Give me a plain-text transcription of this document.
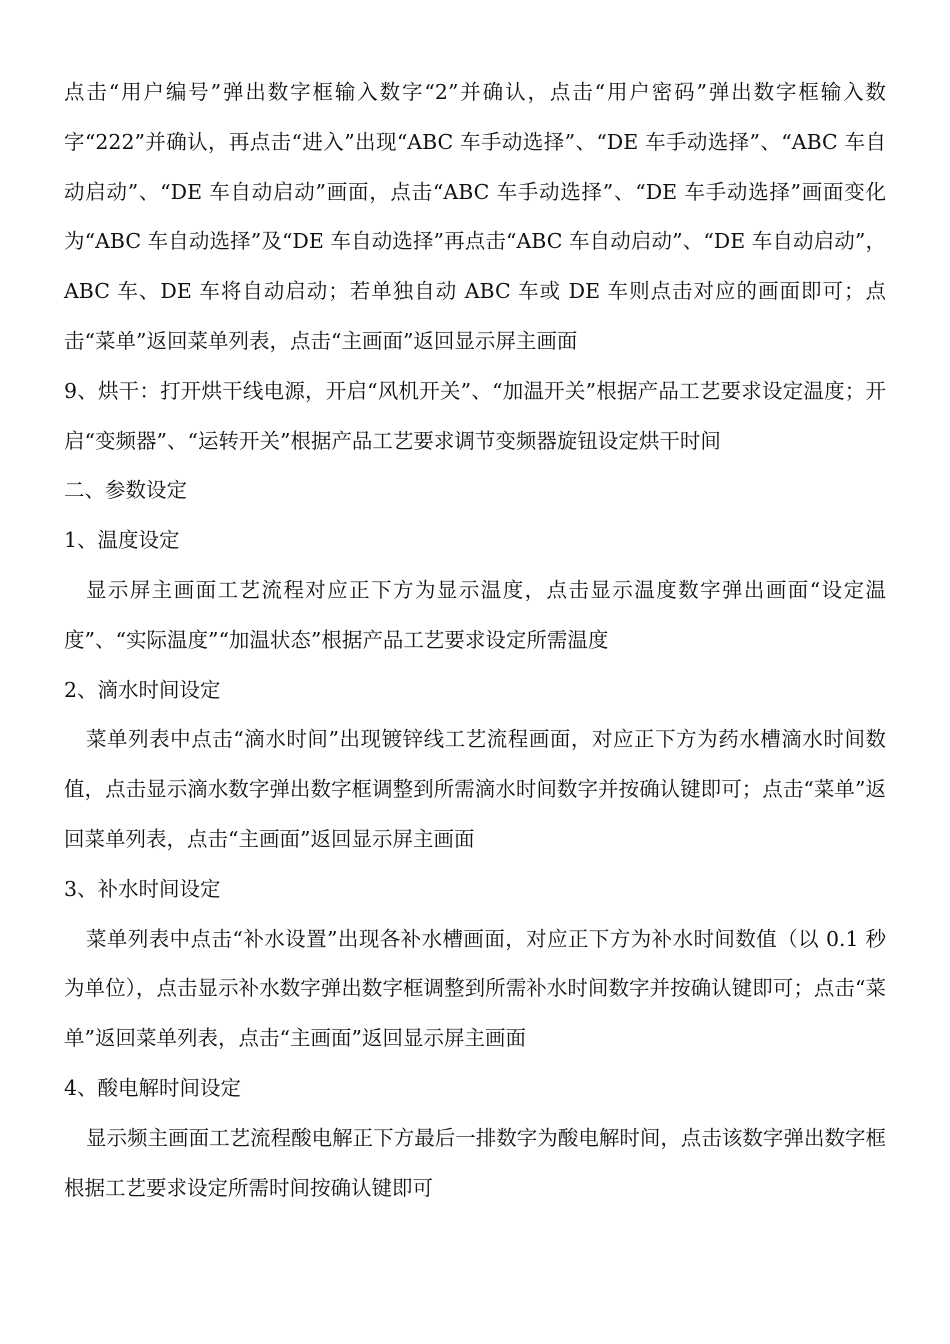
点击“用户编号”弹出数字框输入数字“2”并确认，点击“用户密码”弹出数字框输入数字“222”并确认，再点击“进入”出现“ABC 车手动选择”、“DE 车手动选择”、“ABC 车自动启动”、“DE 车自动启动”画面，点击“ABC 车手动选择”、“DE 车手动选择”画面变化为“ABC 车自动选择”及“DE 车自动选择”再点击“ABC 车自动启动”、“DE 车自动启动”，ABC 车、DE 车将自动启动；若单独自动 ABC 车或 DE 车则点击对应的画面即可；点击“菜单”返回菜单列表，点击“主画面”返回显示屏主画面

9、烘干：打开烘干线电源，开启“风机开关”、“加温开关”根据产品工艺要求设定温度；开启“变频器”、“运转开关”根据产品工艺要求调节变频器旋钮设定烘干时间

二、参数设定

1、温度设定

显示屏主画面工艺流程对应正下方为显示温度，点击显示温度数字弹出画面“设定温度”、“实际温度”“加温状态”根据产品工艺要求设定所需温度

2、滴水时间设定

菜单列表中点击“滴水时间”出现镀锌线工艺流程画面，对应正下方为药水槽滴水时间数值，点击显示滴水数字弹出数字框调整到所需滴水时间数字并按确认键即可；点击“菜单”返回菜单列表，点击“主画面”返回显示屏主画面

3、补水时间设定

菜单列表中点击“补水设置”出现各补水槽画面，对应正下方为补水时间数值（以 0.1 秒为单位），点击显示补水数字弹出数字框调整到所需补水时间数字并按确认键即可；点击“菜单”返回菜单列表，点击“主画面”返回显示屏主画面

4、酸电解时间设定

显示频主画面工艺流程酸电解正下方最后一排数字为酸电解时间，点击该数字弹出数字框根据工艺要求设定所需时间按确认键即可
